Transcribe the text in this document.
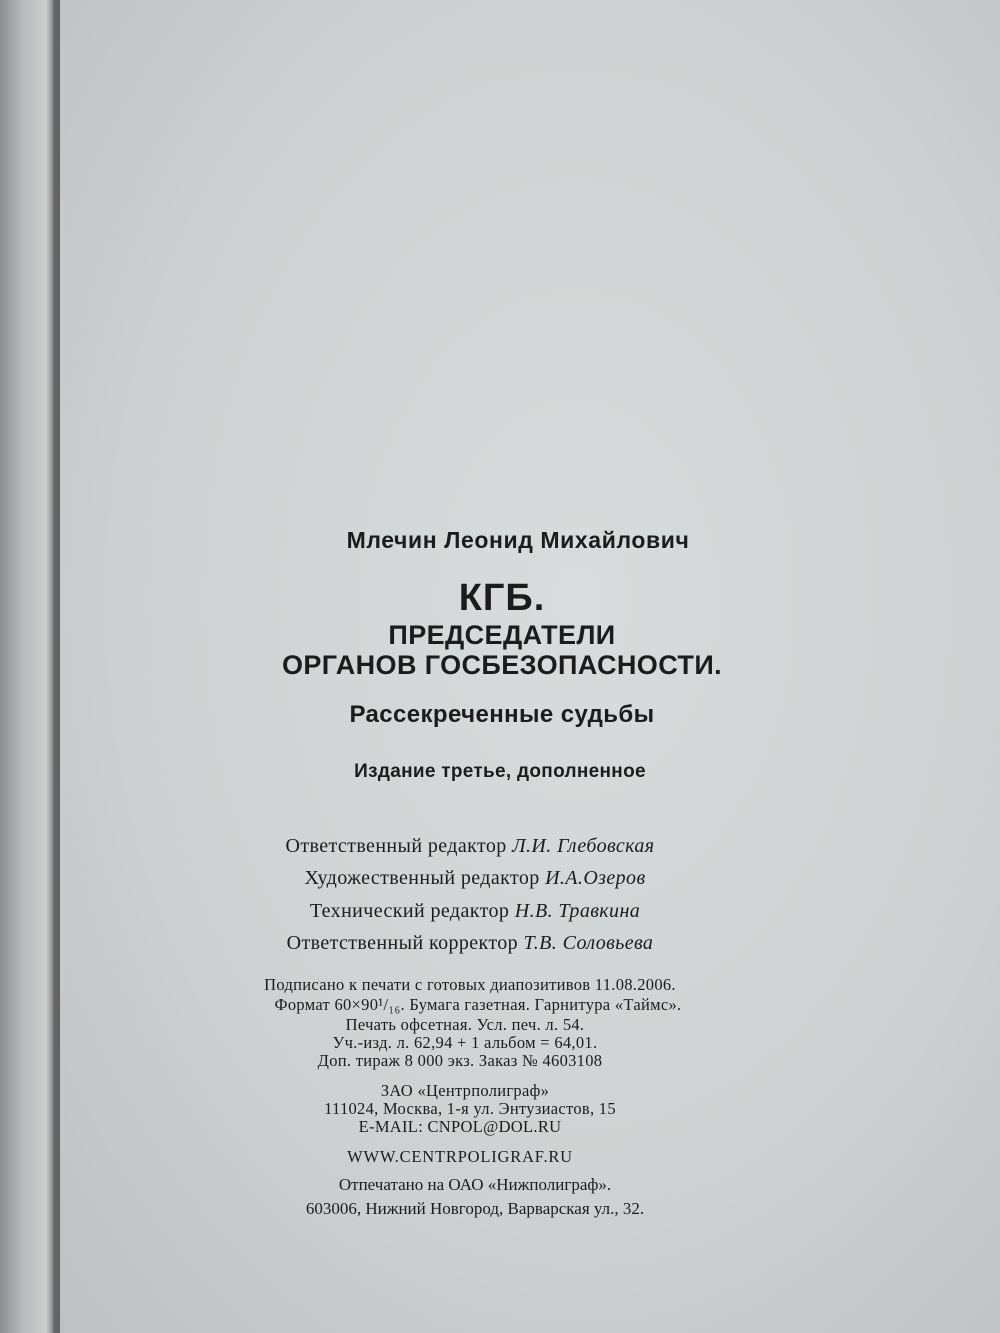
Млечин Леонид Михайлович
КГБ.
ПРЕДСЕДАТЕЛИ
ОРГАНОВ ГОСБЕЗОПАСНОСТИ.
Рассекреченные судьбы
Издание третье, дополненное
Ответственный редактор Л.И. Глебовская
Художественный редактор И.А.Озеров
Технический редактор Н.В. Травкина
Ответственный корректор Т.В. Соловьева
Подписано к печати с готовых диапозитивов 11.08.2006.
Формат 60×90¹/₁₆. Бумага газетная. Гарнитура «Таймс».
Печать офсетная. Усл. печ. л. 54.
Уч.-изд. л. 62,94 + 1 альбом = 64,01.
Доп. тираж 8 000 экз. Заказ № 4603108
ЗАО «Центрполиграф»
111024, Москва, 1-я ул. Энтузиастов, 15
E-MAIL: CNPOL@DOL.RU
WWW.CENTRPOLIGRAF.RU
Отпечатано на ОАО «Нижполиграф».
603006, Нижний Новгород, Варварская ул., 32.
